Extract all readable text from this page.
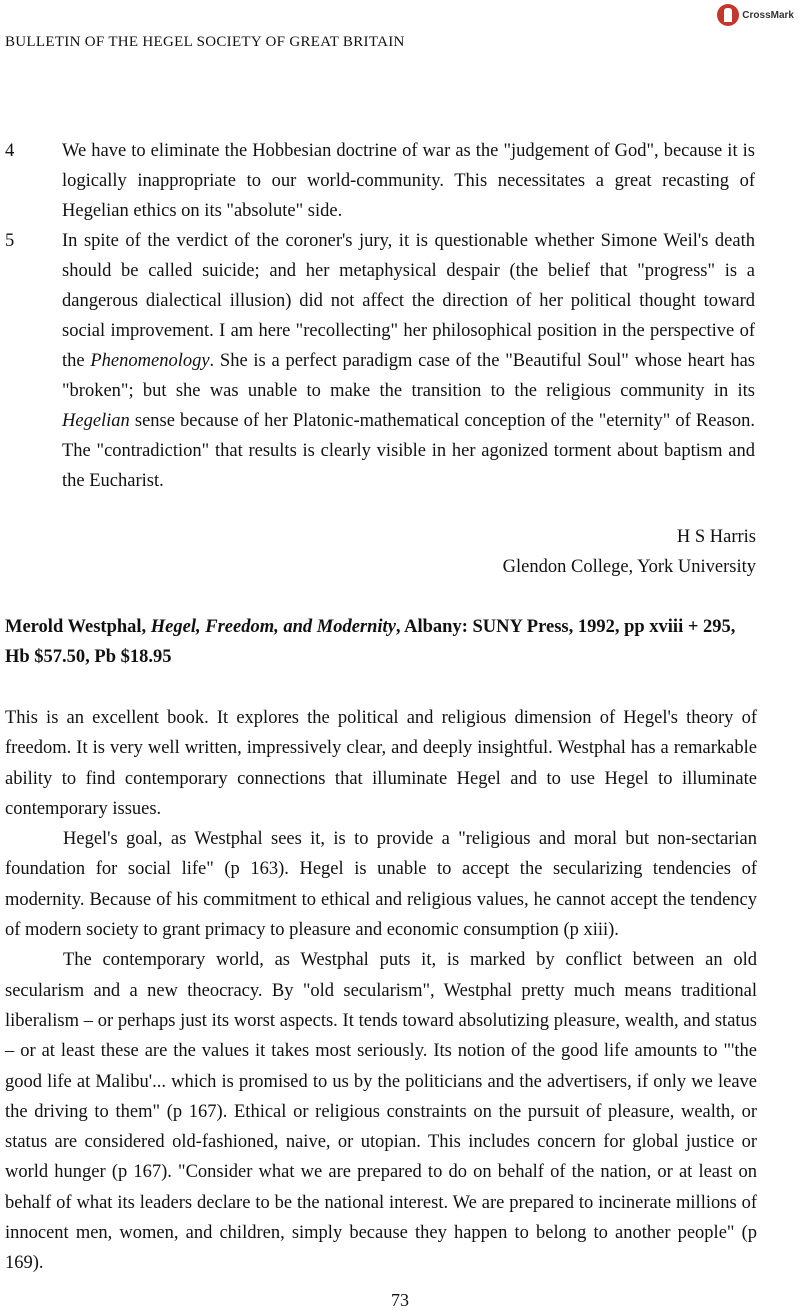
BULLETIN OF THE HEGEL SOCIETY OF GREAT BRITAIN
CrossMark
4	We have to eliminate the Hobbesian doctrine of war as the "judgement of God", because it is logically inappropriate to our world-community. This necessitates a great recasting of Hegelian ethics on its "absolute" side.
5	In spite of the verdict of the coroner's jury, it is questionable whether Simone Weil's death should be called suicide; and her metaphysical despair (the belief that "progress" is a dangerous dialectical illusion) did not affect the direction of her political thought toward social improvement. I am here "recollecting" her philosophical position in the perspective of the Phenomenology. She is a perfect paradigm case of the "Beautiful Soul" whose heart has "broken"; but she was unable to make the transition to the religious community in its Hegelian sense because of her Platonic-mathematical conception of the "eternity" of Reason. The "contradiction" that results is clearly visible in her agonized torment about baptism and the Eucharist.
H S Harris
Glendon College, York University
Merold Westphal, Hegel, Freedom, and Modernity, Albany: SUNY Press, 1992, pp xviii + 295, Hb $57.50, Pb $18.95

This is an excellent book. It explores the political and religious dimension of Hegel's theory of freedom. It is very well written, impressively clear, and deeply insightful. Westphal has a remarkable ability to find contemporary connections that illuminate Hegel and to use Hegel to illuminate contemporary issues.

Hegel's goal, as Westphal sees it, is to provide a "religious and moral but non-sectarian foundation for social life" (p 163). Hegel is unable to accept the secularizing tendencies of modernity. Because of his commitment to ethical and religious values, he cannot accept the tendency of modern society to grant primacy to pleasure and economic consumption (p xiii).

The contemporary world, as Westphal puts it, is marked by conflict between an old secularism and a new theocracy. By "old secularism", Westphal pretty much means traditional liberalism – or perhaps just its worst aspects. It tends toward absolutizing pleasure, wealth, and status – or at least these are the values it takes most seriously. Its notion of the good life amounts to "'the good life at Malibu'... which is promised to us by the politicians and the advertisers, if only we leave the driving to them" (p 167). Ethical or religious constraints on the pursuit of pleasure, wealth, or status are considered old-fashioned, naive, or utopian. This includes concern for global justice or world hunger (p 167). "Consider what we are prepared to do on behalf of the nation, or at least on behalf of what its leaders declare to be the national interest. We are prepared to incinerate millions of innocent men, women, and children, simply because they happen to belong to another people" (p 169).

73
